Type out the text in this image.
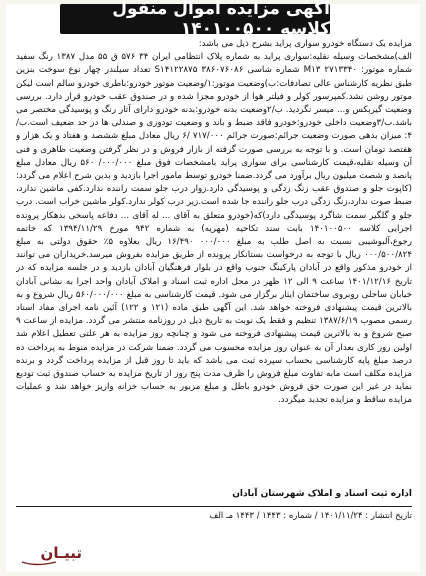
آگهی مزایده اموال منقول کلاسه ۱۴۰۱۰۰۵۰۰
مزایده یک دستگاه خودرو سواری پراید بشرح ذیل می باشد:
الف)مشخصات وسیله نقلیه:سواری پراید به شماره پلاک انتظامی ایران ۳۴ ۵۷۶ ق ۵۵ مدل ۱۳۸۷ رنگ سفید شماره موتور: ۲۷۱۳۳۴۰ M۱۳ شماره شاسی ۳۸۶۰۷۶۰۸۶ S۱۴۱۲۲۸۷۵ تعداد سیلندر چهار نوع سوخت بنزین طبق نظریه کارشناس عالی تصادفات:ب)وضعیت موتور:۱/وضعیت موتور خودرو:باطری خودرو سالم است لیکن موتور روشن نشد.کمپرسور کولر و فیلتر هوا از خودرو مجزا شده و در صندوق عقب خودرو قرار دارد. بررسی وضعیت گیربکس و... میسر نگردید. ب/۲وضعیت بدنه خودرو:بدنه خودرو دارای آثار رنگ و پوسیدگی مختصر می باشد.ب/۳وضعیت داخلی خودرو:خودرو فاقد ضبط و باند و وضعیت تودوزی و صندلی ها در حد ضعیف است.ب/۴: میزان بدهی صورت وضعیت جرائم:صورت جرائم ۷۱۷/۰۰۰ /۶ ریال معادل مبلغ ششصد و هفتاد و یک هزار و هفتصد تومان است. و با توجه به بررسی صورت گرفته از بازار فروش و در نظر گرفتن وضعیت ظاهری و فنی آن وسیله نقلیه،قیمت کارشناسی برای سواری پراید بامشخصات فوق مبلغ ۰۰۰/۰۰۰/ ۵۶۰ ریال معادل مبلغ پانصد و شصت میلیون ریال برآورد می گردد.ضمنا خودرو توسط مامور اجرا بازدید و بدین شرح اعلام می گردد: (کاپوت جلو و صندوق عقب زنگ زدگی و پوسیدگی دارد.زوار درب جلو سمت راننده ندارد.کفی ماشین ندارد، ضبط صوت ندارد،زنگ زدگی درب جلو راننده جا شده است.زیر درب کولر ندارد.کولر ماشین خراب است. درب جلو و گلگیر سمت شاگرد پوسیدگی دارد)که(خودرو متعلق به آقای ... له آقای ... دفاعه پاسخی بدهکار پرونده اجرایی کلاسه ۱۴۰۱۰۰۵۰۰ بابت سند تکاحیه (مهریه) به شماره ۹۴۲ مورخ ۱۳۹۴/۱۱/۲۹ که خاتمه رجوع،آلبوشیبی نسبت به اصل طلب به مبلغ ۰۰۰/۰۰۰ ۱۶/۴۹۰ ریال بعلاوه ۵٪ حقوق دولتی به مبلغ ۰۰۰/۵۰۰/۸۲۴ ریال با توجه به درخواست بستانکار پرونده از طریق مزایده بفروش میرسد.خریداران می توانند از خودرو مذکور واقع در آبادان پارکینگ جنوب واقع در بلوار فرهنگیان آبادان بازدید و در جلسه مزایده که در تاریخ ۱۴۰۱/۱۲/۱۶ ساعت ۹ الی ۱۲ ظهر در محل اداره ثبت اسناد و املاک آبادان واحد اجرا به نشانی آبادان خیابان ساحلی روبروی ساختمان ایثار برگزار می شود. قیمت کارشناسی به مبلغ ۵۶۰/۰۰۰/۰۰۰ ریال شروع و به بالاترین قیمت پیشنهادی فروخته خواهد شد. این آگهی طبق ماده (۱۲۱ و ۱۲۲) آئین نامه اجرای مفاد اسناد رسمی مصوب ۱۳۸۷/۶/۱۹ تنظیم و فقط یک نوبت به تاریخ ذیل در روزنامه منتشر می گردد. مزایده از ساعت ۹ صبح شروع و به بالاترین قیمت پیشنهادی فروخته می شود و چنانچه روز مزایده به هر علتی تعطیل اعلام شد اولین روز کاری بعدار آن به عنوان روز مزایده محسوب می گردد. ضمنا شرکت در مزایده منوط به پرداخت ده درصد مبلغ پایه کارشناسی بحساب سپرده ثبت می باشد که باید تا روز قبل از مزایده پرداخت گردد و برنده مزایده مکلف است مابه تفاوت مبلغ فروش را ظرف مدت پنج روز از تاریخ مزایده به حساب صندوق ثبت تودیع نماید در غیر این صورت حق فروش خودرو باطل و مبلغ مزبور به حساب خزانه واریز خواهد شد و عملیات مزایده ساقط و مزایده تجدید میگردد.
اداره ثبت اسناد و املاک شهرستان آبادان
تاریخ انتشار : ۱۴۰۱/۱۱/۲۴ / شماره : ۱۴۴۳ / ۱۴۴۳ مـ الف
تبیـان
